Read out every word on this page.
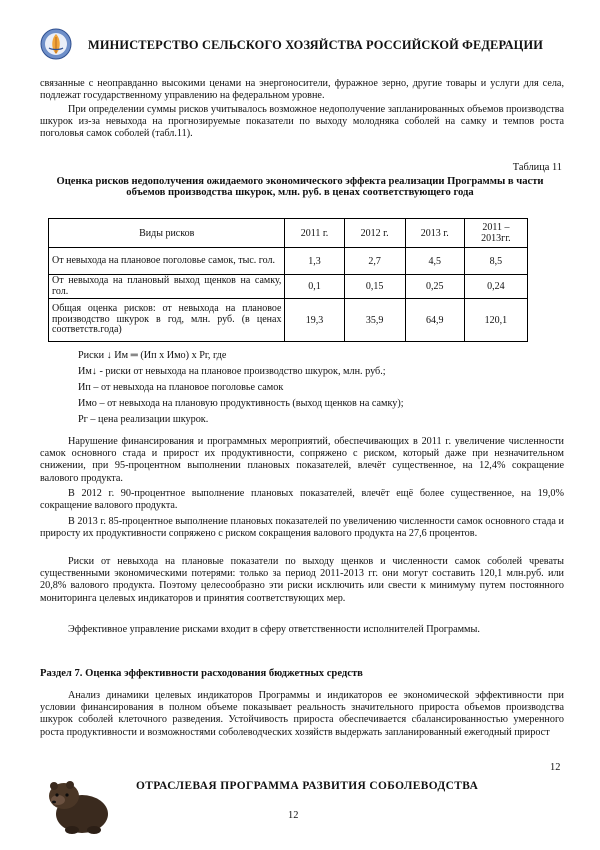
МИНИСТЕРСТВО СЕЛЬСКОГО ХОЗЯЙСТВА РОССИЙСКОЙ ФЕДЕРАЦИИ

связанные с неоправданно высокими ценами на энергоносители, фуражное зерно, другие товары и услуги для села, подлежат государственному управлению на федеральном уровне.

При определении суммы рисков учитывалось возможное недополучение запланированных объемов производства шкурок из-за невыхода на прогнозируемые показатели по выходу молодняка соболей на самку и темпов роста поголовья самок соболей (табл.11).

Таблица 11
Оценка рисков недополучения ожидаемого экономического эффекта реализации Программы в части объемов производства шкурок, млн. руб. в ценах соответствующего года
Виды рисков	2011 г.	2012 г.	2013 г.	2011 – 2013гг.
От невыхода на плановое поголовье самок, тыс. гол.	1,3	2,7	4,5	8,5
От невыхода на плановый выход щенков на самку, гол.	0,1	0,15	0,25	0,24
Общая оценка рисков: от невыхода на плановое производство шкурок в год, млн. руб. (в ценах соответств.года)	19,3	35,9	64,9	120,1
Риски ↓ Им ═ (Ип х Имо) х Рг, где
Им↓ - риски от невыхода на плановое производство шкурок, млн. руб.;
Ип – от невыхода на плановое поголовье самок
Имо – от невыхода на плановую продуктивность (выход щенков на самку);
Рг – цена реализации шкурок.

Нарушение финансирования и программных мероприятий, обеспечивающих в 2011 г. увеличение численности самок основного стада и прирост их продуктивности, сопряжено с риском, который даже при незначительном снижении, при 95-процентном выполнении плановых показателей, влечёт существенное, на 12,4% сокращение валового продукта.

В 2012 г. 90-процентное выполнение плановых показателей, влечёт ещё более существенное, на 19,0% сокращение валового продукта.

В 2013 г. 85-процентное выполнение плановых показателей по увеличению численности самок основного стада и приросту их продуктивности сопряжено с риском сокращения валового продукта на 27,6 процентов.

Риски от невыхода на плановые показатели по выходу щенков и численности самок соболей чреваты существенными экономическими потерями: только за период 2011-2013 гг. они могут составить 120,1 млн.руб. или 20,8% валового продукта. Поэтому целесообразно эти риски исключить или свести к минимуму путем постоянного мониторинга целевых индикаторов и принятия соответствующих мер.

Эффективное управление рисками входит в сферу ответственности исполнителей Программы.

Раздел 7. Оценка эффективности расходования бюджетных средств

Анализ динамики целевых индикаторов Программы и индикаторов ее экономической эффективности при условии финансирования в полном объеме показывает реальность значительного прироста объемов производства шкурок соболей клеточного разведения. Устойчивость прироста обеспечивается сбалансированностью умеренного роста продуктивности и возможностями соболеводческих хозяйств выдержать запланированный ежегодный прирост

12
ОТРАСЛЕВАЯ ПРОГРАММА РАЗВИТИЯ СОБОЛЕВОДСТВА
12
